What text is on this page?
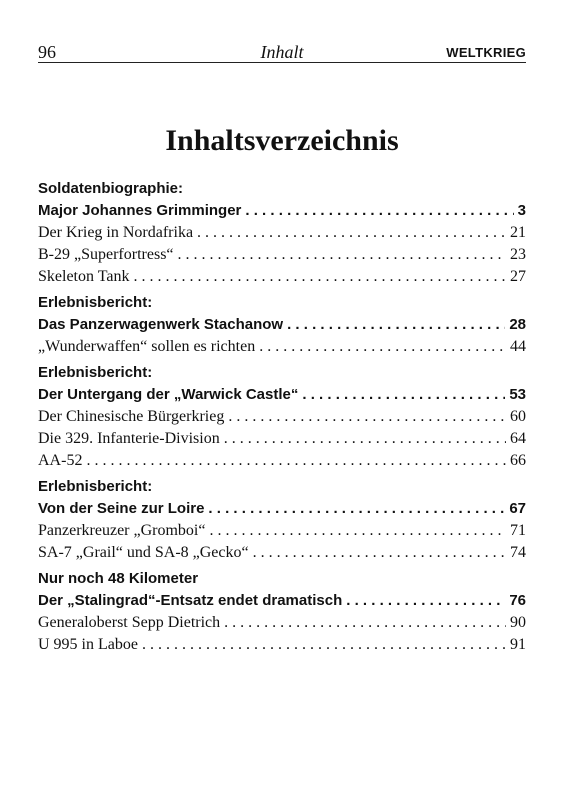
96	Inhalt	WELTKRIEG
Inhaltsverzeichnis
Soldatenbiographie:
Major Johannes Grimminger . . .	3
Der Krieg in Nordafrika . . .	21
B-29 „Superfortress“ . . .	23
Skeleton Tank . . .	27
Erlebnisbericht:
Das Panzerwagenwerk Stachanow . . .	28
„Wunderwaffen“ sollen es richten . . .	44
Erlebnisbericht:
Der Untergang der „Warwick Castle“ . . .	53
Der Chinesische Bürgerkrieg . . .	60
Die 329. Infanterie-Division . . .	64
AA-52 . . .	66
Erlebnisbericht:
Von der Seine zur Loire . . .	67
Panzerkreuzer „Gromboi“ . . .	71
SA-7 „Grail“ und SA-8 „Gecko“ . . .	74
Nur noch 48 Kilometer
Der „Stalingrad“-Entsatz endet dramatisch . . .	76
Generaloberst Sepp Dietrich . . .	90
U 995 in Laboe . . .	91
